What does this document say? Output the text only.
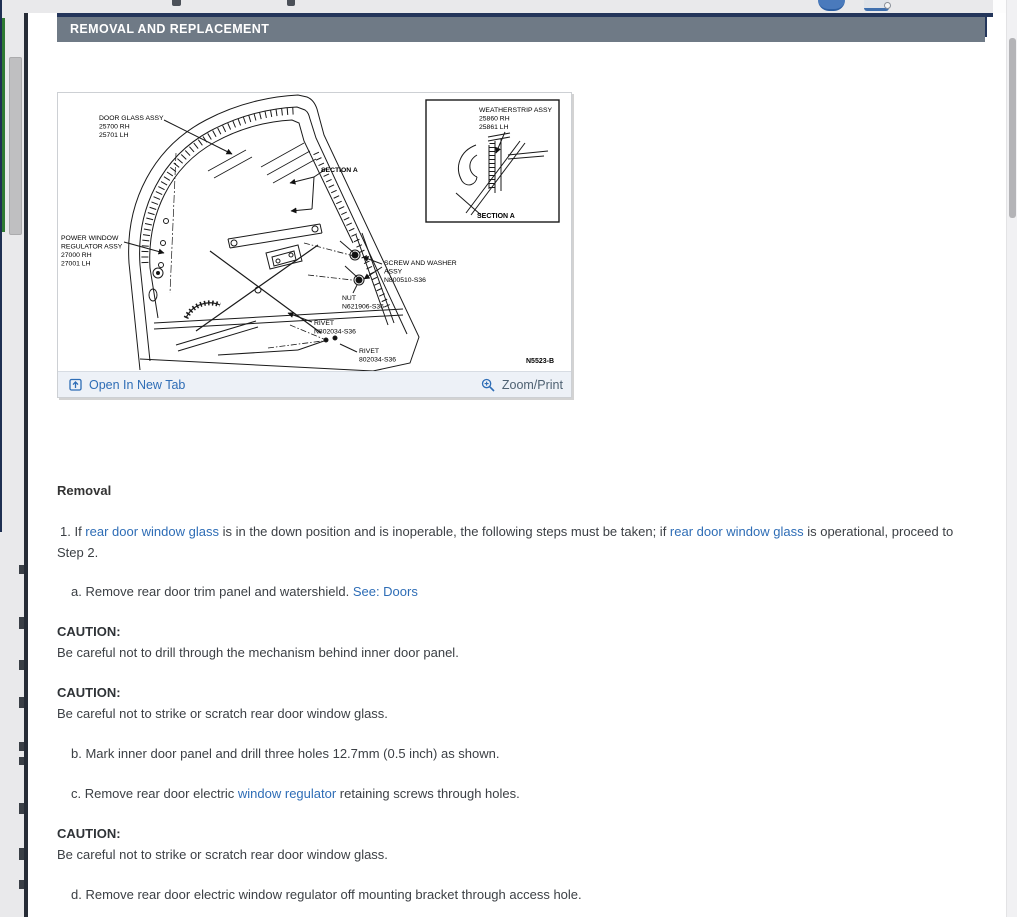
REMOVAL AND REPLACEMENT
DOOR GLASS ASSY
25700 RH
25701 LH
WEATHERSTRIP ASSY
25860 RH
25861 LH
SECTION A
SECTION A
POWER WINDOW
REGULATOR ASSY
27000 RH
27001 LH	SCREW AND WASHER
ASSY
N800510-S36
NUT
N621906-S36
RIVET
N802034-S36
RIVET
802034-S36	N5523-B
Open In New Tab	Zoom/Print
Removal
1. If rear door window glass is in the down position and is inoperable, the following steps must be taken; if rear door window glass is operational, proceed to Step 2.
a. Remove rear door trim panel and watershield. See: Doors
CAUTION:
Be careful not to drill through the mechanism behind inner door panel.
CAUTION:
Be careful not to strike or scratch rear door window glass.
b. Mark inner door panel and drill three holes 12.7mm (0.5 inch) as shown.
c. Remove rear door electric window regulator retaining screws through holes.
CAUTION:
Be careful not to strike or scratch rear door window glass.
d. Remove rear door electric window regulator off mounting bracket through access hole.
